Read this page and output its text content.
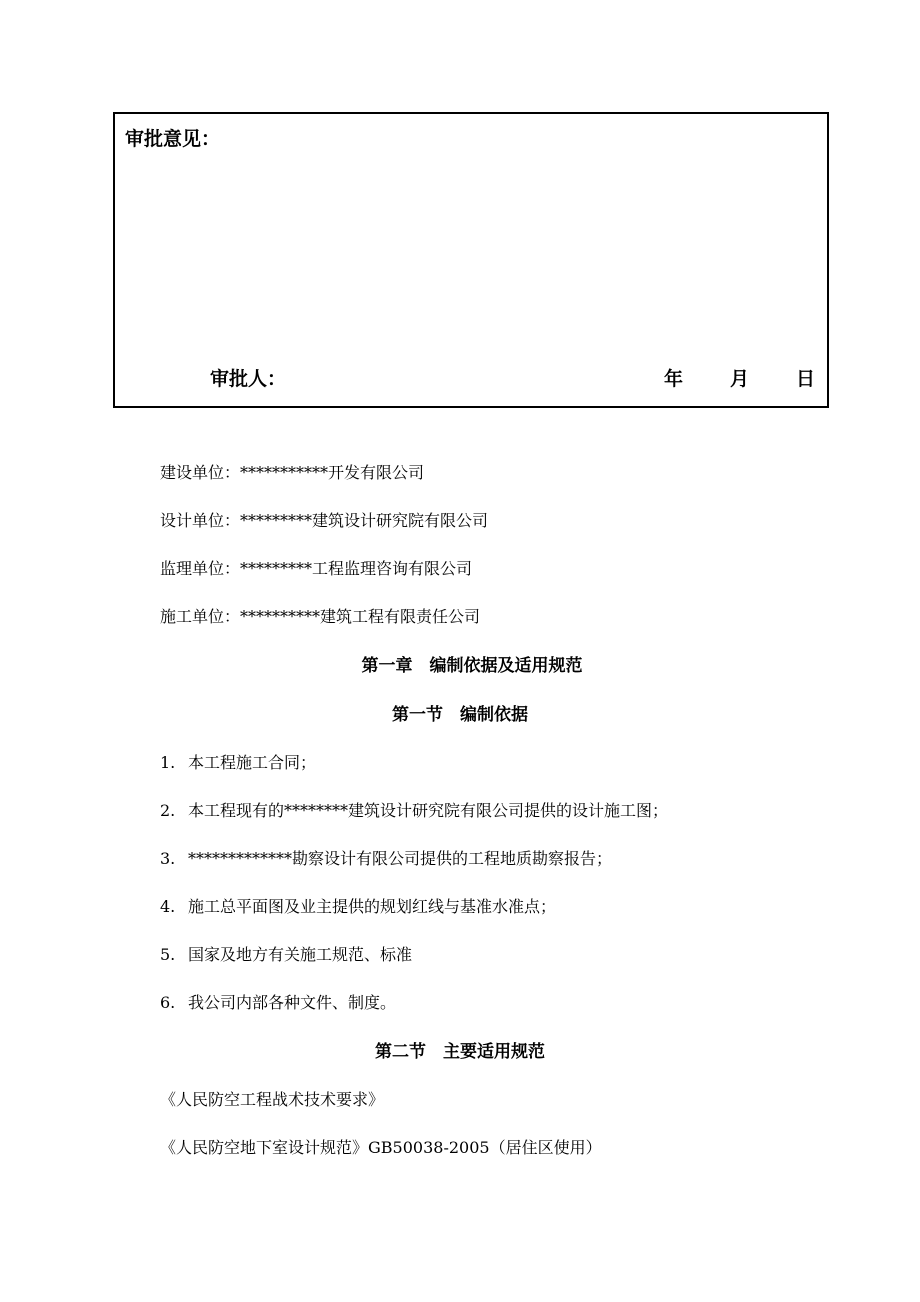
审批意见：

审批人：	年 月 日

建设单位：***********开发有限公司

设计单位：*********建筑设计研究院有限公司

监理单位：*********工程监理咨询有限公司

施工单位：**********建筑工程有限责任公司

第一章　编制依据及适用规范
第一节　编制依据

1. 本工程施工合同；

2. 本工程现有的********建筑设计研究院有限公司提供的设计施工图；

3. *************勘察设计有限公司提供的工程地质勘察报告；

4. 施工总平面图及业主提供的规划红线与基准水准点；

5. 国家及地方有关施工规范、标准

6. 我公司内部各种文件、制度。

第二节　主要适用规范

《人民防空工程战术技术要求》

《人民防空地下室设计规范》GB50038-2005（居住区使用）
